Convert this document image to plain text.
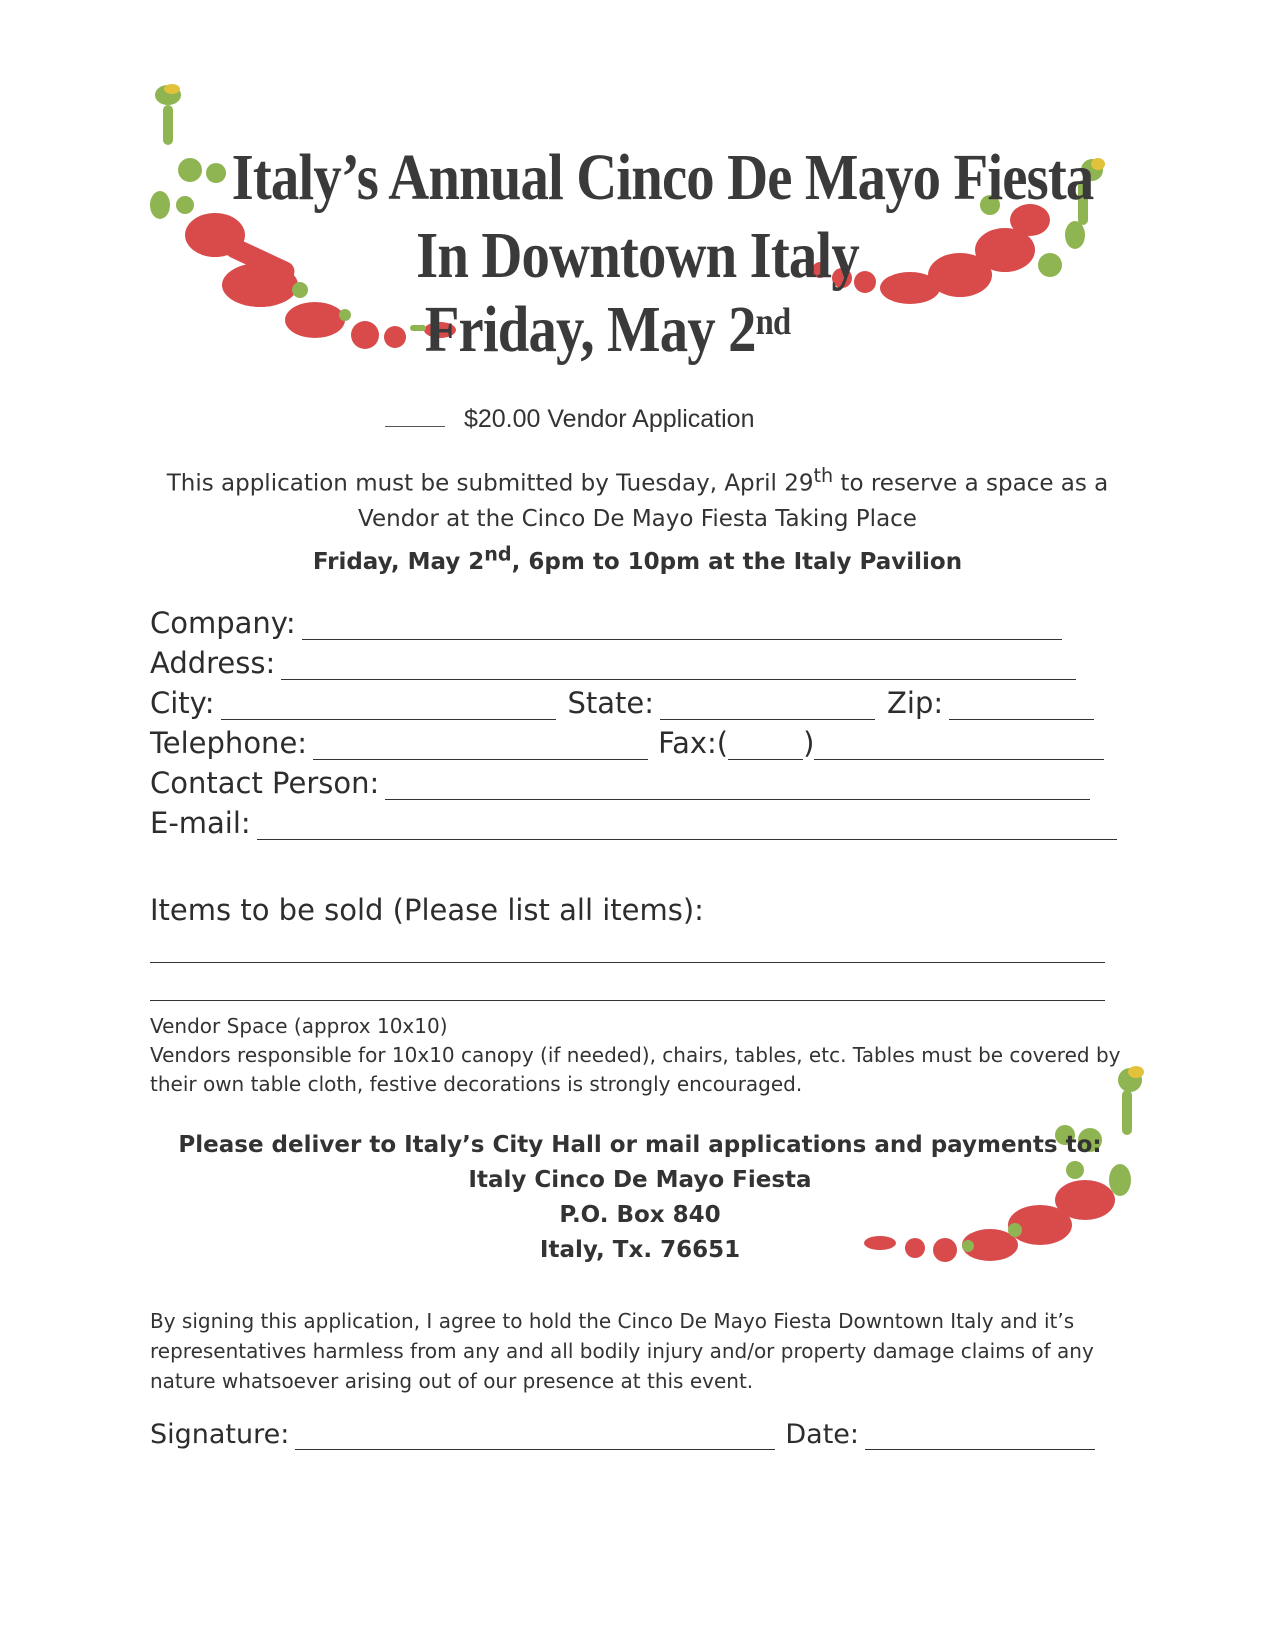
Italy’s Annual Cinco De Mayo Fiesta
In Downtown Italy
Friday, May 2nd
$20.00 Vendor Application
This application must be submitted by Tuesday, April 29th to reserve a space as a
Vendor at the Cinco De Mayo Fiesta Taking Place
Friday, May 2nd, 6pm to 10pm at the Italy Pavilion
Company:
Address:
City:	State:	Zip:
Telephone:	Fax:(	)
Contact Person:
E-mail:
Items to be sold (Please list all items):
Vendor Space (approx 10x10)
Vendors responsible for 10x10 canopy (if needed), chairs, tables, etc. Tables must be covered by their own table cloth, festive decorations is strongly encouraged.
Please deliver to Italy’s City Hall or mail applications and payments to:
Italy Cinco De Mayo Fiesta
P.O. Box 840
Italy, Tx. 76651
By signing this application, I agree to hold the Cinco De Mayo Fiesta Downtown Italy and it’s representatives harmless from any and all bodily injury and/or property damage claims of any nature whatsoever arising out of our presence at this event.
Signature:	Date:
